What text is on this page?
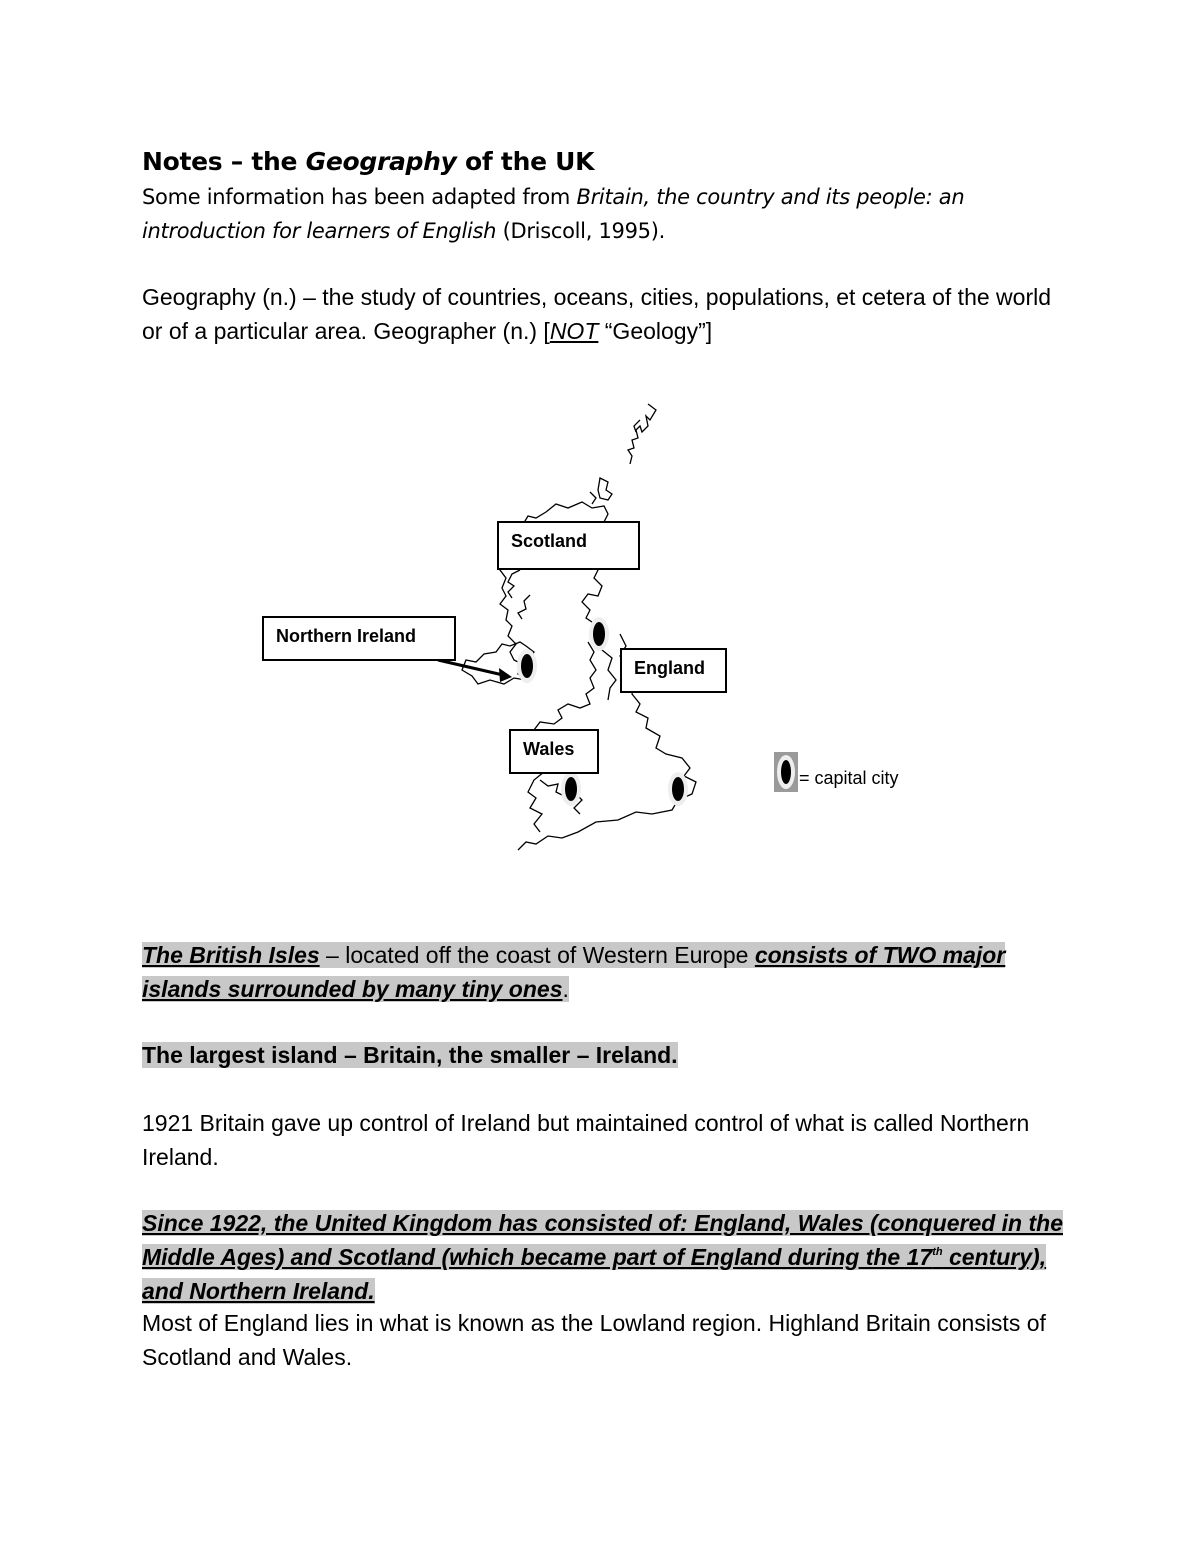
Notes – the Geography of the UK
Some information has been adapted from Britain, the country and its people: an introduction for learners of English (Driscoll, 1995).
Geography (n.) – the study of countries, oceans, cities, populations, et cetera of the world or of a particular area. Geographer (n.) [NOT “Geology”]
Scotland
Northern Ireland
England
Wales
= capital city
The British Isles – located off the coast of Western Europe consists of TWO major islands surrounded by many tiny ones.
The largest island – Britain, the smaller – Ireland.
1921 Britain gave up control of Ireland but maintained control of what is called Northern Ireland.
Since 1922, the United Kingdom has consisted of: England, Wales (conquered in the Middle Ages) and Scotland (which became part of England during the 17th century), and Northern Ireland.
Most of England lies in what is known as the Lowland region. Highland Britain consists of Scotland and Wales.
